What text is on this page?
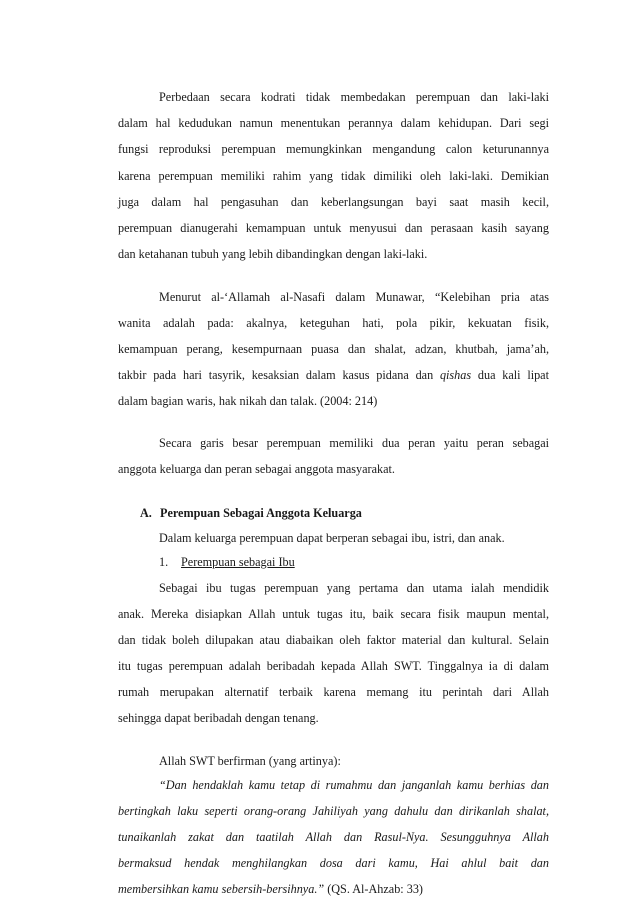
Perbedaan secara kodrati tidak membedakan perempuan dan laki-laki
dalam hal kedudukan namun menentukan perannya dalam kehidupan. Dari segi
fungsi reproduksi perempuan memungkinkan mengandung calon keturunannya
karena perempuan memiliki rahim yang tidak dimiliki oleh laki-laki. Demikian
juga dalam hal pengasuhan dan keberlangsungan bayi saat masih kecil,
perempuan dianugerahi kemampuan untuk menyusui dan perasaan kasih sayang
dan ketahanan tubuh yang lebih dibandingkan dengan laki-laki.
Menurut al-‘Allamah al-Nasafi dalam Munawar, “Kelebihan pria atas
wanita adalah pada: akalnya, keteguhan hati, pola pikir, kekuatan fisik,
kemampuan perang, kesempurnaan puasa dan shalat, adzan, khutbah, jama’ah,
takbir pada hari tasyrik, kesaksian dalam kasus pidana dan qishas dua kali lipat
dalam bagian waris, hak nikah dan talak. (2004: 214)
Secara garis besar perempuan memiliki dua peran yaitu peran sebagai
anggota keluarga dan peran sebagai anggota masyarakat.
A. Perempuan Sebagai Anggota Keluarga
Dalam keluarga perempuan dapat berperan sebagai ibu, istri, dan anak.
1. Perempuan sebagai Ibu
Sebagai ibu tugas perempuan yang pertama dan utama ialah mendidik
anak. Mereka disiapkan Allah untuk tugas itu, baik secara fisik maupun mental,
dan tidak boleh dilupakan atau diabaikan oleh faktor material dan kultural. Selain
itu tugas perempuan adalah beribadah kepada Allah SWT. Tinggalnya ia di dalam
rumah merupakan alternatif terbaik karena memang itu perintah dari Allah
sehingga dapat beribadah dengan tenang.
Allah SWT berfirman (yang artinya):
“Dan hendaklah kamu tetap di rumahmu dan janganlah kamu berhias dan
bertingkah laku seperti orang-orang Jahiliyah yang dahulu dan dirikanlah shalat,
tunaikanlah zakat dan taatilah Allah dan Rasul-Nya. Sesungguhnya Allah
bermaksud hendak menghilangkan dosa dari kamu, Hai ahlul bait dan
membersihkan kamu sebersih-bersihnya.” (QS. Al-Ahzab: 33)
